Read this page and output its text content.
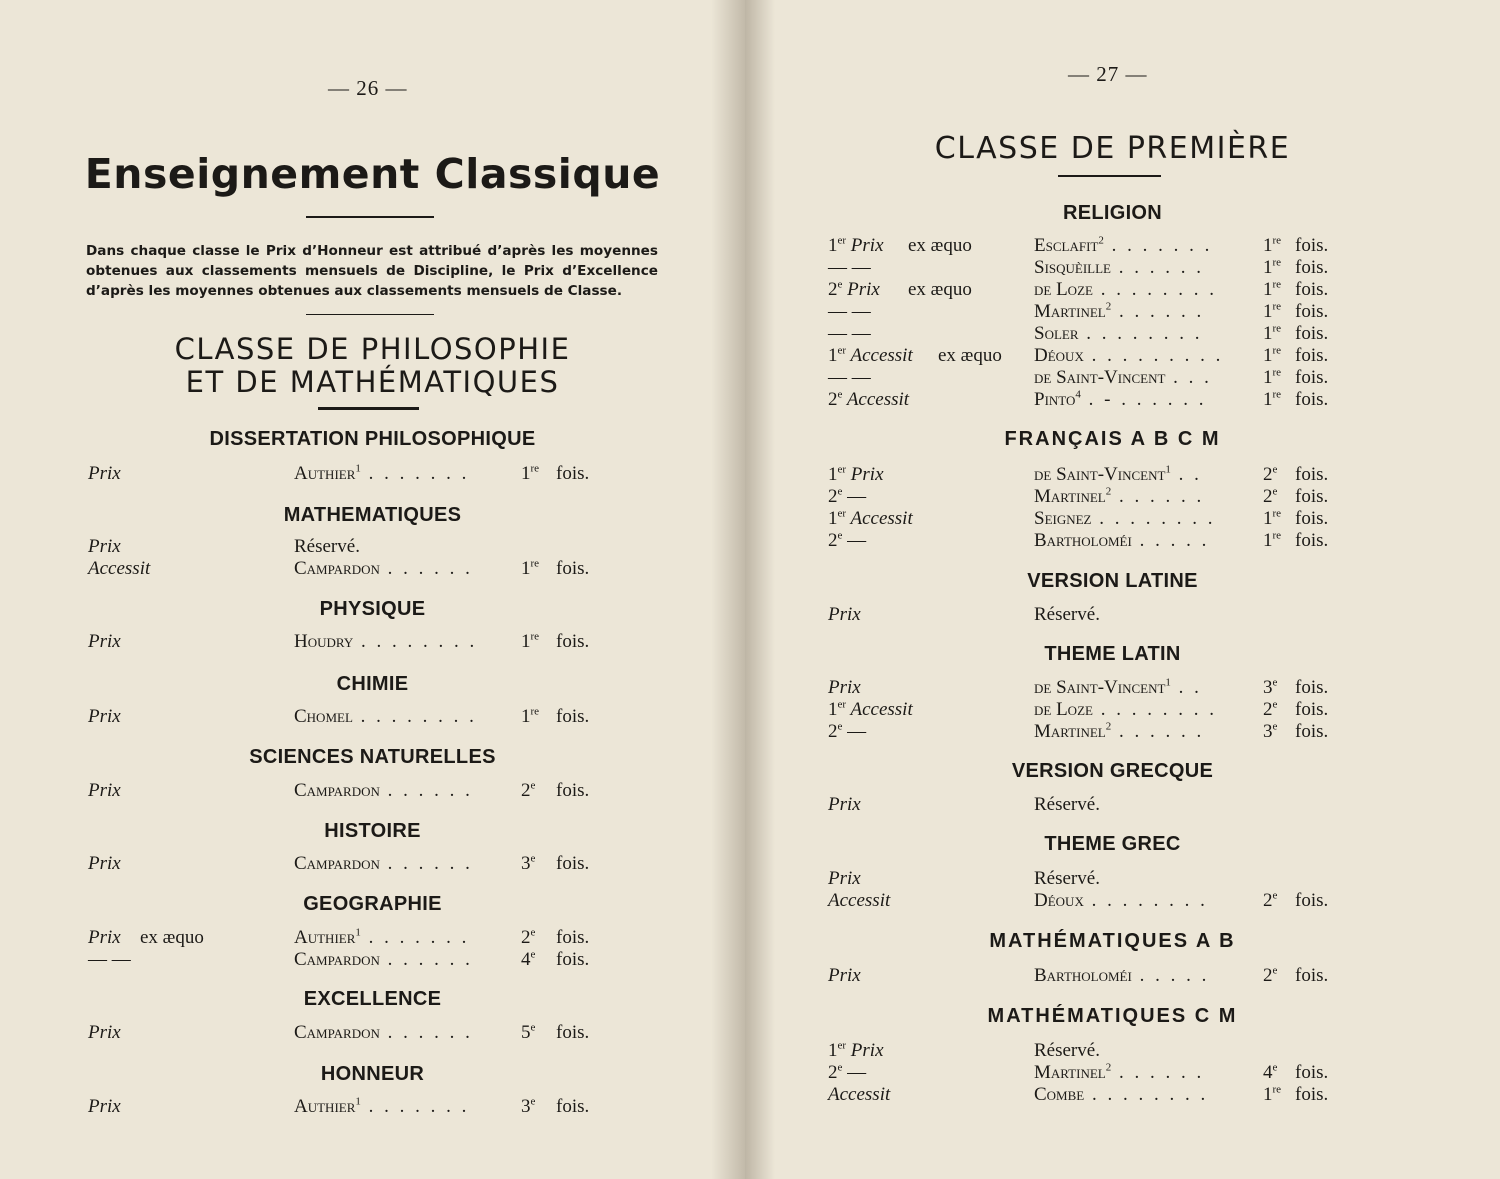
— 26 —
Enseignement Classique
Dans chaque classe le Prix d’Honneur est attribué d’après les moyennes obtenues aux classements mensuels de Discipline, le Prix d’Excellence d’après les moyennes obtenues aux classements mensuels de Classe.
CLASSE DE PHILOSOPHIE
ET DE MATHÉMATIQUES
DISSERTATION PHILOSOPHIQUE
Prix	Authier$^1$ . . . . . . .	1re fois.
MATHEMATIQUES
Prix	Réservé.
Accessit	Campardon . . . . . .	1re fois.
PHYSIQUE
Prix	Houdry . . . . . . . . 1re fois.
CHIMIE
Prix	Chomel . . . . . . . . 1re fois.
SCIENCES NATURELLES
Prix	Campardon . . . . . .	2e fois.
HISTOIRE
Prix	Campardon . . . . . .	3e fois.
GEOGRAPHIE
Prix ex æquo	Authier$^1$ . . . . . . .	2e fois.
— —	Campardon . . . . . .	4e fois.
EXCELLENCE
Prix	Campardon . . . . . .	5e fois.
HONNEUR
Prix	Authier$^1$ . . . . . . .	3e fois.
— 27 —
CLASSE DE PREMIÈRE
RELIGION
1er Prix ex æquo	Esclafit$^2$ . . . . . . .	1re fois.
— —	Sisquèille . . . . . .	1re fois.
2e Prix ex æquo	de Loze . . . . . . . . 1re fois.
— —	Martinel$^2$ . . . . . .	1re fois.
— —	Soler . . . . . . . .	1re fois.
1er Accessit ex æquo Déoux . . . . . . . . . 1re fois.
— —	de Saint-Vincent . . .	1re fois.
2e Accessit	Pinto$^4$ . - . . . . . .	1re fois.
FRANÇAIS A B C M
1er Prix	de Saint-Vincent$^1$ . .	2e fois.
2e —	Martinel$^2$ . . . . . .	2e fois.
1er Accessit	Seignez . . . . . . . .	1re fois.
2e —	Bartholoméi . . . . .	1re fois.
VERSION LATINE
Prix	Réservé.
THEME LATIN
Prix	de Saint-Vincent$^1$ . .	3e fois.
1er Accessit	de Loze . . . . . . . . 2e fois.
2e —	Martinel$^2$ . . . . . .	3e fois.
VERSION GRECQUE
Prix	Réservé.
THEME GREC
Prix	Réservé.
Accessit	Déoux . . . . . . . .	2e fois.
MATHÉMATIQUES A B
Prix	Bartholoméi . . . . .	2e fois.
MATHÉMATIQUES C M
1er Prix	Réservé.
2e —	Martinel$^2$ . . . . . .	4e fois.
Accessit	Combe . . . . . . . .	1re fois.
